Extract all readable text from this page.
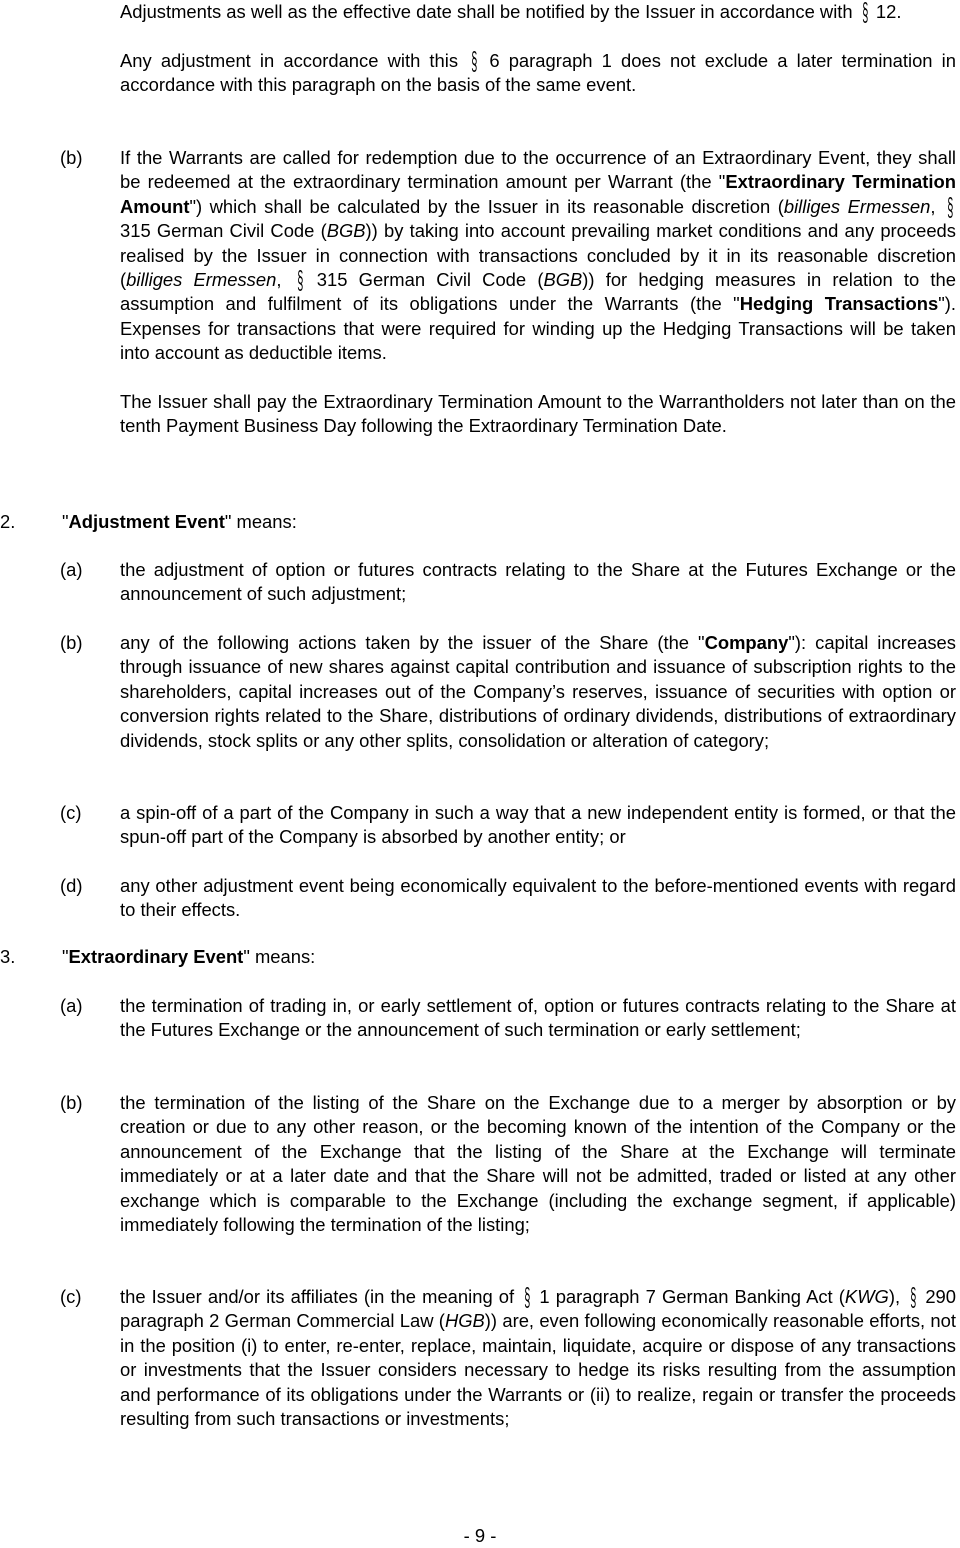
Adjustments as well as the effective date shall be notified by the Issuer in accordance with § 12.

Any adjustment in accordance with this § 6 paragraph 1 does not exclude a later termination in accordance with this paragraph on the basis of the same event.

(b)	If the Warrants are called for redemption due to the occurrence of an Extraordinary Event, they shall be redeemed at the extraordinary termination amount per Warrant (the "Extraordinary Termination Amount") which shall be calculated by the Issuer in its reasonable discretion (billiges Ermessen, § 315 German Civil Code (BGB)) by taking into account prevailing market conditions and any proceeds realised by the Issuer in connection with transactions concluded by it in its reasonable discretion (billiges Ermessen, § 315 German Civil Code (BGB)) for hedging measures in relation to the assumption and fulfilment of its obligations under the Warrants (the "Hedging Transactions"). Expenses for transactions that were required for winding up the Hedging Transactions will be taken into account as deductible items.

The Issuer shall pay the Extraordinary Termination Amount to the Warrantholders not later than on the tenth Payment Business Day following the Extraordinary Termination Date.

2.	"Adjustment Event" means:
(a)	the adjustment of option or futures contracts relating to the Share at the Futures Exchange or the announcement of such adjustment;

(b)	any of the following actions taken by the issuer of the Share (the "Company"): capital increases through issuance of new shares against capital contribution and issuance of subscription rights to the shareholders, capital increases out of the Company’s reserves, issuance of securities with option or conversion rights related to the Share, distributions of ordinary dividends, distributions of extraordinary dividends, stock splits or any other splits, consolidation or alteration of category;

(c)	a spin-off of a part of the Company in such a way that a new independent entity is formed, or that the spun-off part of the Company is absorbed by another entity; or

(d)	any other adjustment event being economically equivalent to the before-mentioned events with regard to their effects.

3.	"Extraordinary Event" means:
(a)	the termination of trading in, or early settlement of, option or futures contracts relating to the Share at the Futures Exchange or the announcement of such termination or early settlement;

(b)	the termination of the listing of the Share on the Exchange due to a merger by absorption or by creation or due to any other reason, or the becoming known of the intention of the Company or the announcement of the Exchange that the listing of the Share at the Exchange will terminate immediately or at a later date and that the Share will not be admitted, traded or listed at any other exchange which is comparable to the Exchange (including the exchange segment, if applicable) immediately following the termination of the listing;

(c)	the Issuer and/or its affiliates (in the meaning of § 1 paragraph 7 German Banking Act (KWG), § 290 paragraph 2 German Commercial Law (HGB)) are, even following economically reasonable efforts, not in the position (i) to enter, re-enter, replace, maintain, liquidate, acquire or dispose of any transactions or investments that the Issuer considers necessary to hedge its risks resulting from the assumption and performance of its obligations under the Warrants or (ii) to realize, regain or transfer the proceeds resulting from such transactions or investments;

- 9 -
